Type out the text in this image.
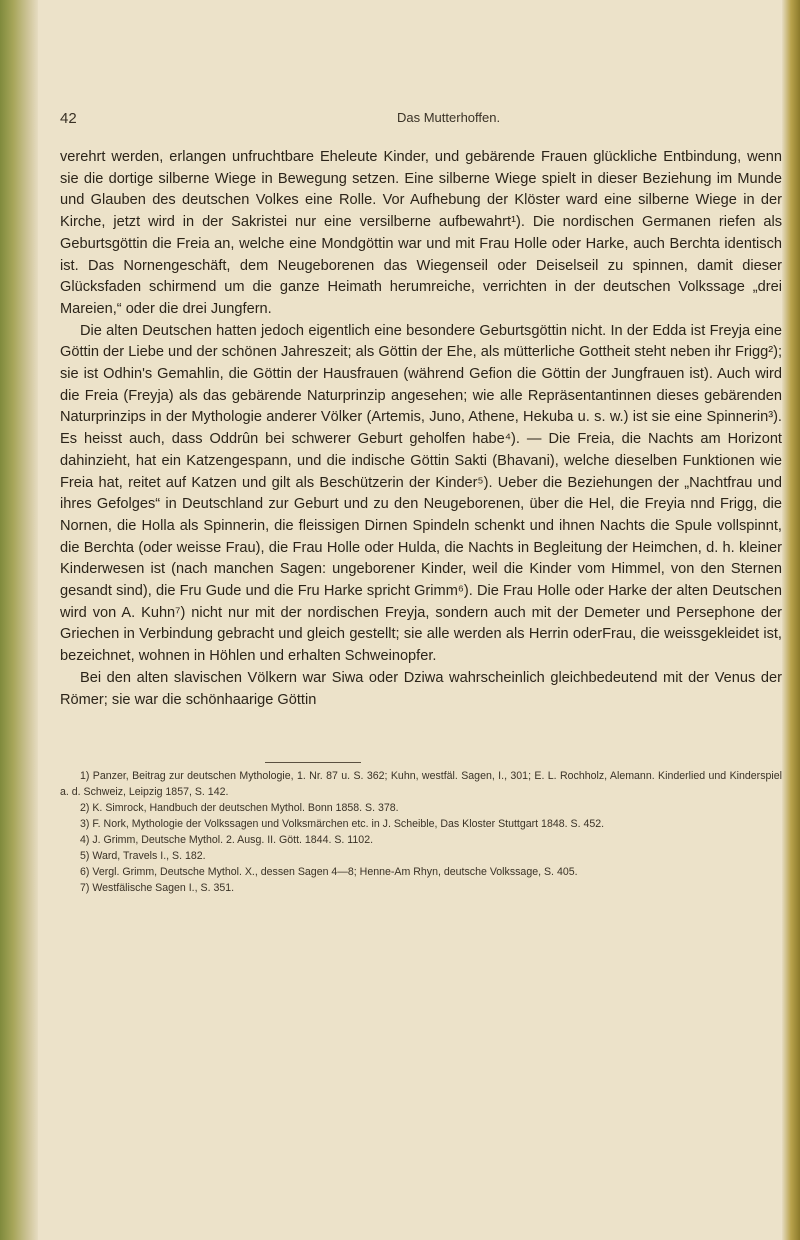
42	Das Mutterhoffen.

verehrt werden, erlangen unfruchtbare Eheleute Kinder, und gebärende Frauen glückliche Entbindung, wenn sie die dortige silberne Wiege in Bewegung setzen. Eine silberne Wiege spielt in dieser Beziehung im Munde und Glauben des deutschen Volkes eine Rolle. Vor Aufhebung der Klöster ward eine silberne Wiege in der Kirche, jetzt wird in der Sakristei nur eine versilberne aufbewahrt¹). Die nordischen Germanen riefen als Geburtsgöttin die Freia an, welche eine Mondgöttin war und mit Frau Holle oder Harke, auch Berchta identisch ist. Das Nornengeschäft, dem Neugeborenen das Wiegenseil oder Deiselseil zu spinnen, damit dieser Glücksfaden schirmend um die ganze Heimath herumreiche, verrichten in der deutschen Volkssage „drei Mareien,“ oder die drei Jungfern.

Die alten Deutschen hatten jedoch eigentlich eine besondere Geburtsgöttin nicht. In der Edda ist Freyja eine Göttin der Liebe und der schönen Jahreszeit; als Göttin der Ehe, als mütterliche Gottheit steht neben ihr Frigg²); sie ist Odhin's Gemahlin, die Göttin der Hausfrauen (während Gefion die Göttin der Jungfrauen ist). Auch wird die Freia (Freyja) als das gebärende Naturprinzip angesehen; wie alle Repräsentantinnen dieses gebärenden Naturprinzips in der Mythologie anderer Völker (Artemis, Juno, Athene, Hekuba u. s. w.) ist sie eine Spinnerin³). Es heisst auch, dass Oddrûn bei schwerer Geburt geholfen habe⁴). — Die Freia, die Nachts am Horizont dahinzieht, hat ein Katzengespann, und die indische Göttin Sakti (Bhavani), welche dieselben Funktionen wie Freia hat, reitet auf Katzen und gilt als Beschützerin der Kinder⁵). Ueber die Beziehungen der „Nachtfrau und ihres Gefolges“ in Deutschland zur Geburt und zu den Neugeborenen, über die Hel, die Freyia nnd Frigg, die Nornen, die Holla als Spinnerin, die fleissigen Dirnen Spindeln schenkt und ihnen Nachts die Spule vollspinnt, die Berchta (oder weisse Frau), die Frau Holle oder Hulda, die Nachts in Begleitung der Heimchen, d. h. kleiner Kinderwesen ist (nach manchen Sagen: ungeborener Kinder, weil die Kinder vom Himmel, von den Sternen gesandt sind), die Fru Gude und die Fru Harke spricht Grimm⁶). Die Frau Holle oder Harke der alten Deutschen wird von A. Kuhn⁷) nicht nur mit der nordischen Freyja, sondern auch mit der Demeter und Persephone der Griechen in Verbindung gebracht und gleich gestellt; sie alle werden als Herrin oderFrau, die weissgekleidet ist, bezeichnet, wohnen in Höhlen und erhalten Schweinopfer.

Bei den alten slavischen Völkern war Siwa oder Dziwa wahrscheinlich gleichbedeutend mit der Venus der Römer; sie war die schönhaarige Göttin

1) Panzer, Beitrag zur deutschen Mythologie, 1. Nr. 87 u. S. 362; Kuhn, westfäl. Sagen, I., 301; E. L. Rochholz, Alemann. Kinderlied und Kinderspiel a. d. Schweiz, Leipzig 1857, S. 142.

2) K. Simrock, Handbuch der deutschen Mythol. Bonn 1858. S. 378.

3) F. Nork, Mythologie der Volkssagen und Volksmärchen etc. in J. Scheible, Das Kloster Stuttgart 1848. S. 452.

4) J. Grimm, Deutsche Mythol. 2. Ausg. II. Gött. 1844. S. 1102.

5) Ward, Travels I., S. 182.

6) Vergl. Grimm, Deutsche Mythol. X., dessen Sagen 4—8; Henne-Am Rhyn, deutsche Volkssage, S. 405.

7) Westfälische Sagen I., S. 351.
